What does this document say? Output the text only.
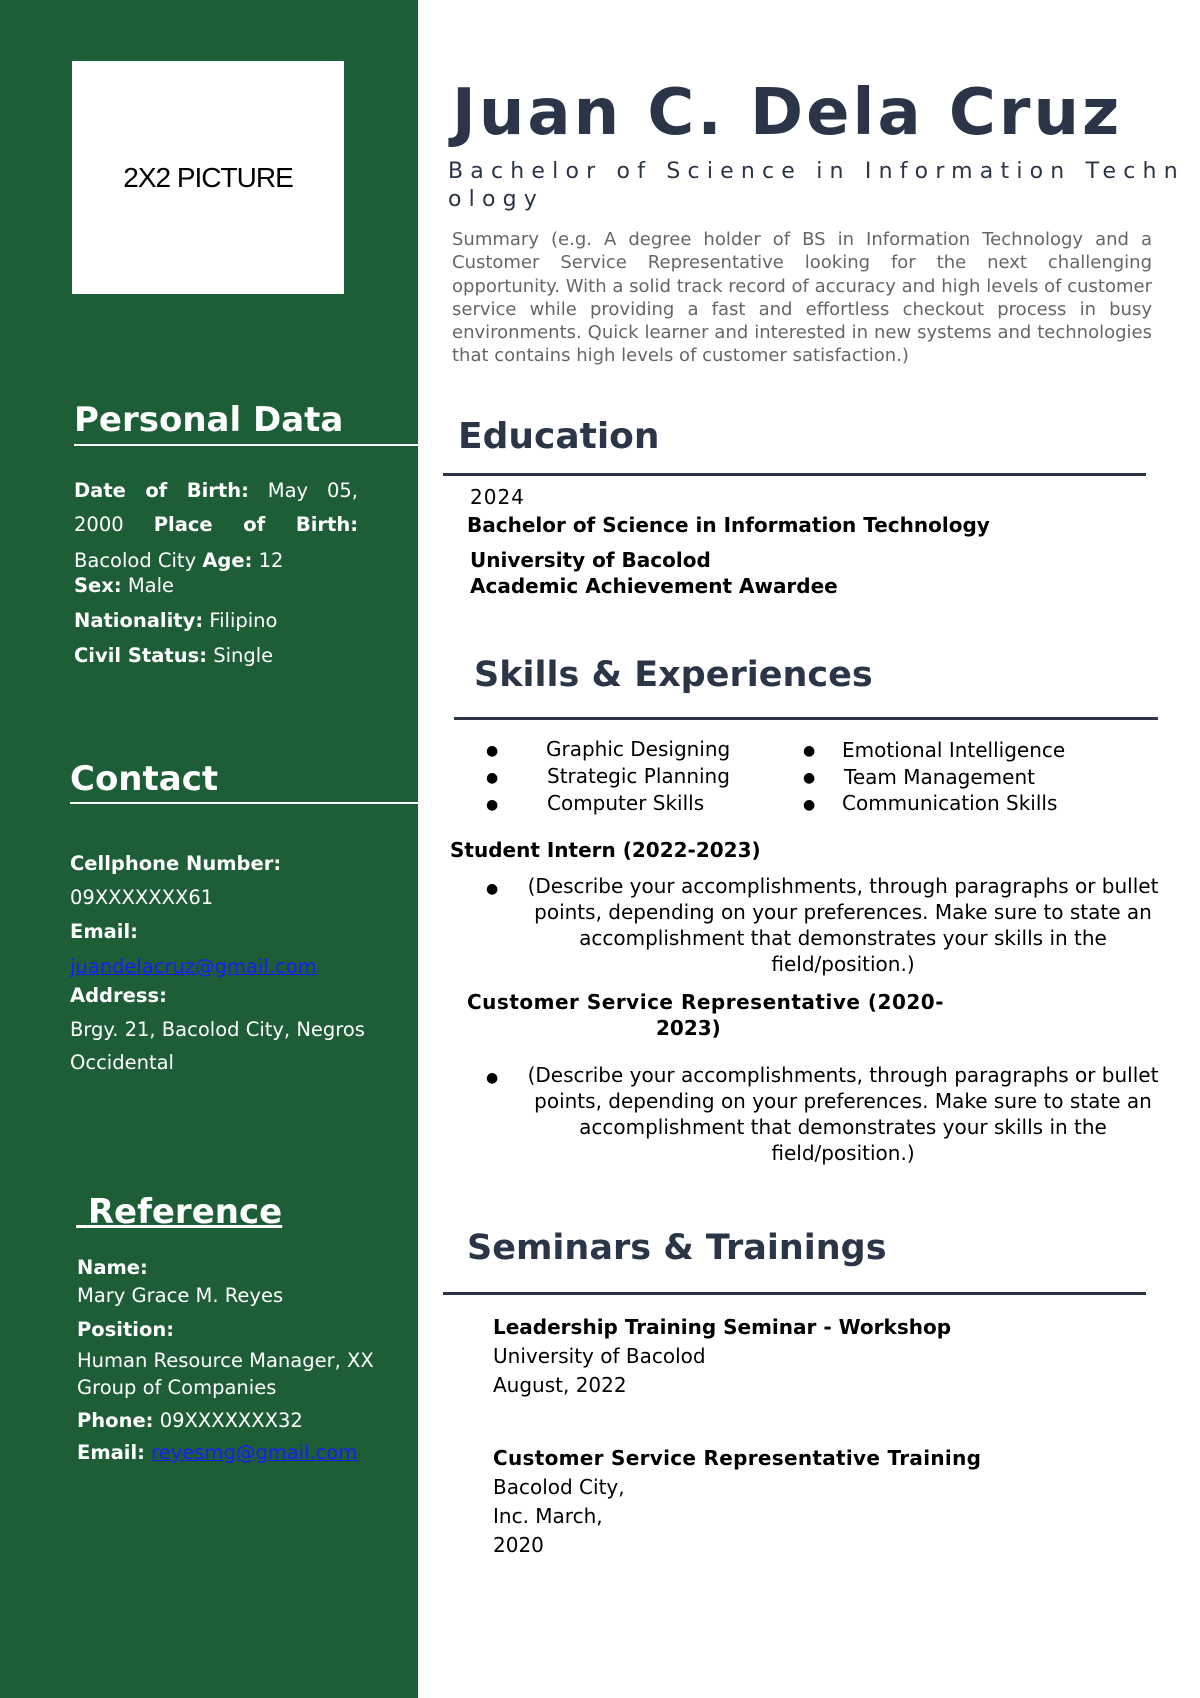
2X2 PICTURE
Personal Data
Date of Birth: May 05, 2000 Place of Birth:
Bacolod City Age: 12
Sex: Male
Nationality: Filipino
Civil Status: Single
Contact
Cellphone Number:
09XXXXXXX61
Email:
juandelacruz@gmail.com
Address:
Brgy. 21, Bacolod City, Negros
Occidental
Reference
Name:
Mary Grace M. Reyes
Position:
Human Resource Manager, XX
Group of Companies
Phone: 09XXXXXXX32
Email: reyesmg@gmail.com
Juan C. Dela Cruz
Bachelor of Science in Information Technology
Summary (e.g. A degree holder of BS in Information Technology and a Customer Service Representative looking for the next challenging opportunity. With a solid track record of accuracy and high levels of customer service while providing a fast and effortless checkout process in busy environments. Quick learner and interested in new systems and technologies that contains high levels of customer satisfaction.)
Education
2024
Bachelor of Science in Information Technology
University of Bacolod
Academic Achievement Awardee
Skills & Experiences
● Graphic Designing
● Strategic Planning
● Computer Skills
● Emotional Intelligence
● Team Management
● Communication Skills
Student Intern (2022-2023)
●	(Describe your accomplishments, through paragraphs or bullet points, depending on your preferences. Make sure to state an accomplishment that demonstrates your skills in the field/position.)
Customer Service Representative (2020-
2023)
●	(Describe your accomplishments, through paragraphs or bullet points, depending on your preferences. Make sure to state an accomplishment that demonstrates your skills in the field/position.)
Seminars & Trainings
Leadership Training Seminar - Workshop
University of Bacolod
August, 2022
Customer Service Representative Training
Bacolod City,
Inc. March,
2020
